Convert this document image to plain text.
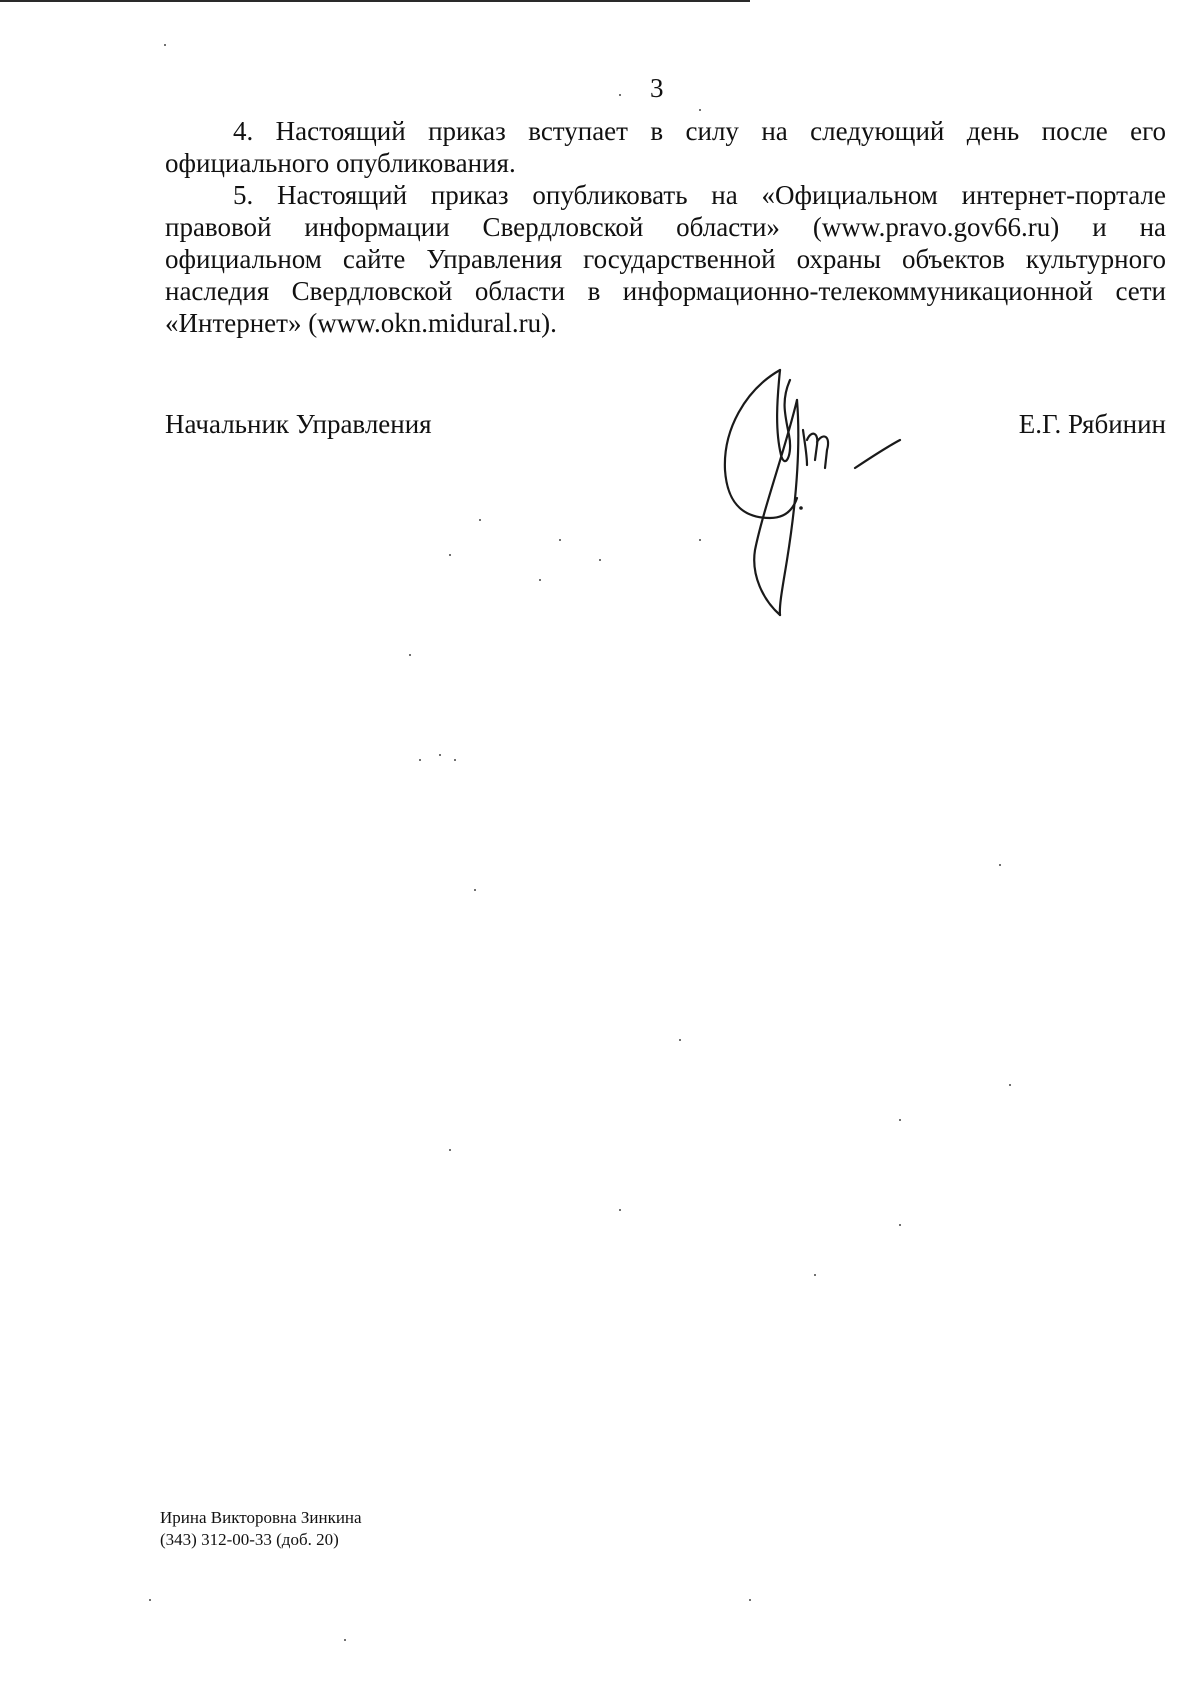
3

4. Настоящий приказ вступает в силу на следующий день после его официального опубликования.

5. Настоящий приказ опубликовать на «Официальном интернет-портале правовой информации Свердловской области» (www.pravo.gov66.ru) и на официальном сайте Управления государственной охраны объектов культурного наследия Свердловской области в информационно-телекоммуникационной сети «Интернет» (www.okn.midural.ru).

Начальник Управления	Е.Г. Рябинин
Ирина Викторовна Зинкина
(343) 312-00-33 (доб. 20)
